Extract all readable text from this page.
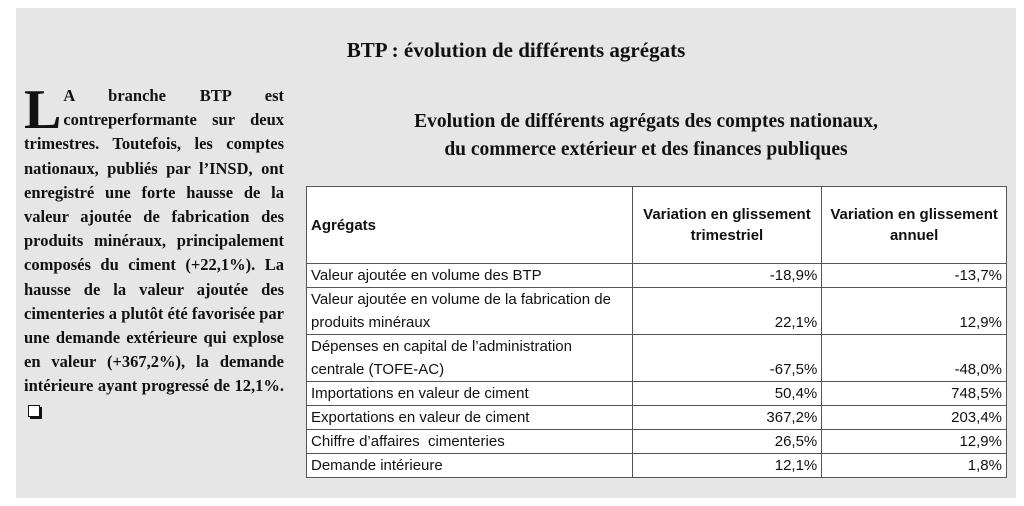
BTP : évolution de différents agrégats
L A branche BTP est contreperformante sur deux trimestres. Toutefois, les comptes nationaux, publiés par l’INSD, ont enregistré une forte hausse de la valeur ajoutée de fabrication des produits minéraux, principalement composés du ciment (+22,1%). La hausse de la valeur ajoutée des cimenteries a plutôt été favorisée par une demande extérieure qui explose en valeur (+367,2%), la demande intérieure ayant progressé de 12,1%.
Evolution de différents agrégats des comptes nationaux,
du commerce extérieur et des finances publiques
Agrégats	Variation en glissement trimestriel	Variation en glissement annuel
Valeur ajoutée en volume des BTP	-18,9%	-13,7%
Valeur ajoutée en volume de la fabrication de produits minéraux	22,1%	12,9%
Dépenses en capital de l’administration centrale (TOFE-AC)	-67,5%	-48,0%
Importations en valeur de ciment	50,4%	748,5%
Exportations en valeur de ciment	367,2%	203,4%
Chiffre d’affaires  cimenteries	26,5%	12,9%
Demande intérieure	12,1%	1,8%
